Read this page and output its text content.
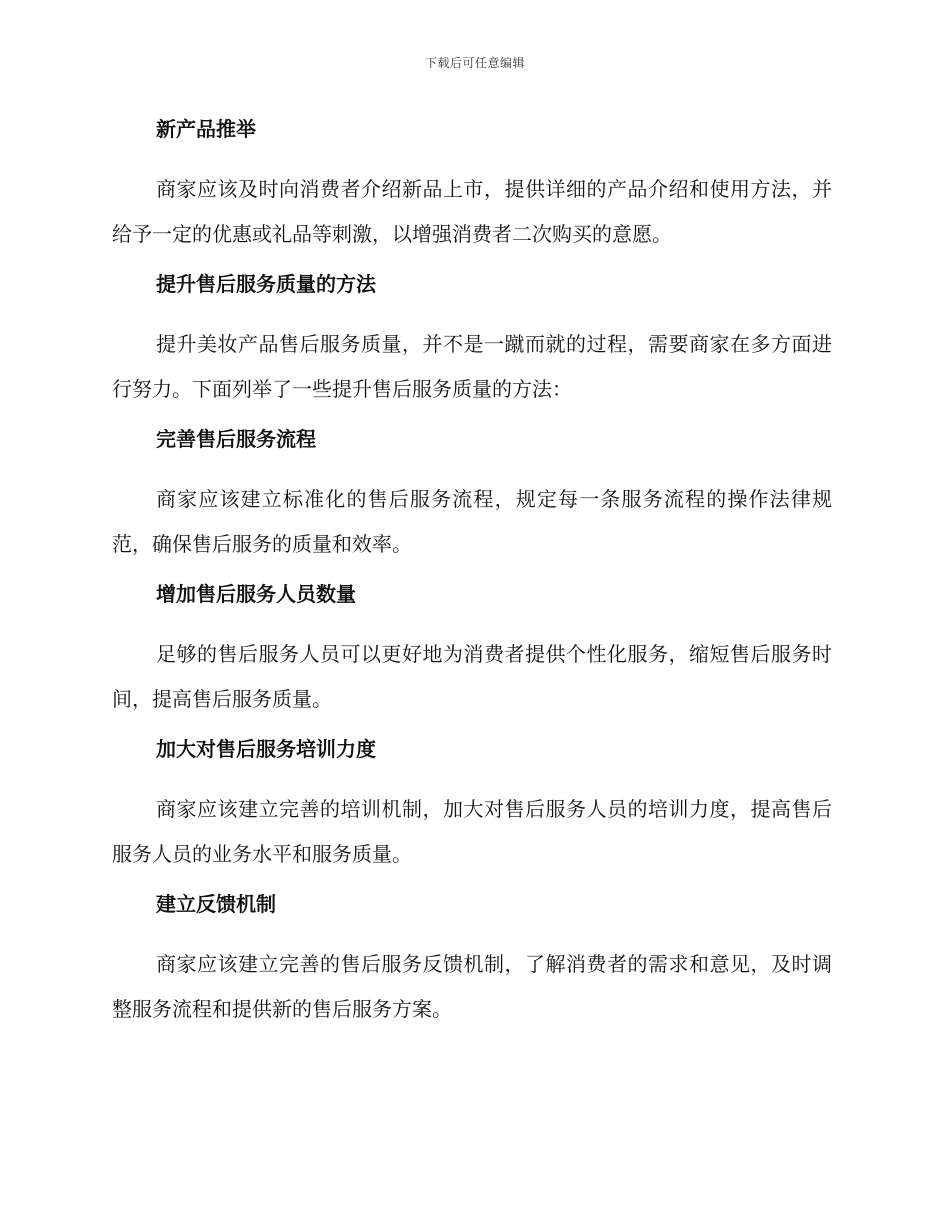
下载后可任意编辑

新产品推举

商家应该及时向消费者介绍新品上市，提供详细的产品介绍和使用方法，并给予一定的优惠或礼品等刺激，以增强消费者二次购买的意愿。

提升售后服务质量的方法

提升美妆产品售后服务质量，并不是一蹴而就的过程，需要商家在多方面进行努力。下面列举了一些提升售后服务质量的方法：

完善售后服务流程

商家应该建立标准化的售后服务流程，规定每一条服务流程的操作法律规范，确保售后服务的质量和效率。

增加售后服务人员数量

足够的售后服务人员可以更好地为消费者提供个性化服务，缩短售后服务时间，提高售后服务质量。

加大对售后服务培训力度

商家应该建立完善的培训机制，加大对售后服务人员的培训力度，提高售后服务人员的业务水平和服务质量。

建立反馈机制

商家应该建立完善的售后服务反馈机制，了解消费者的需求和意见，及时调整服务流程和提供新的售后服务方案。
